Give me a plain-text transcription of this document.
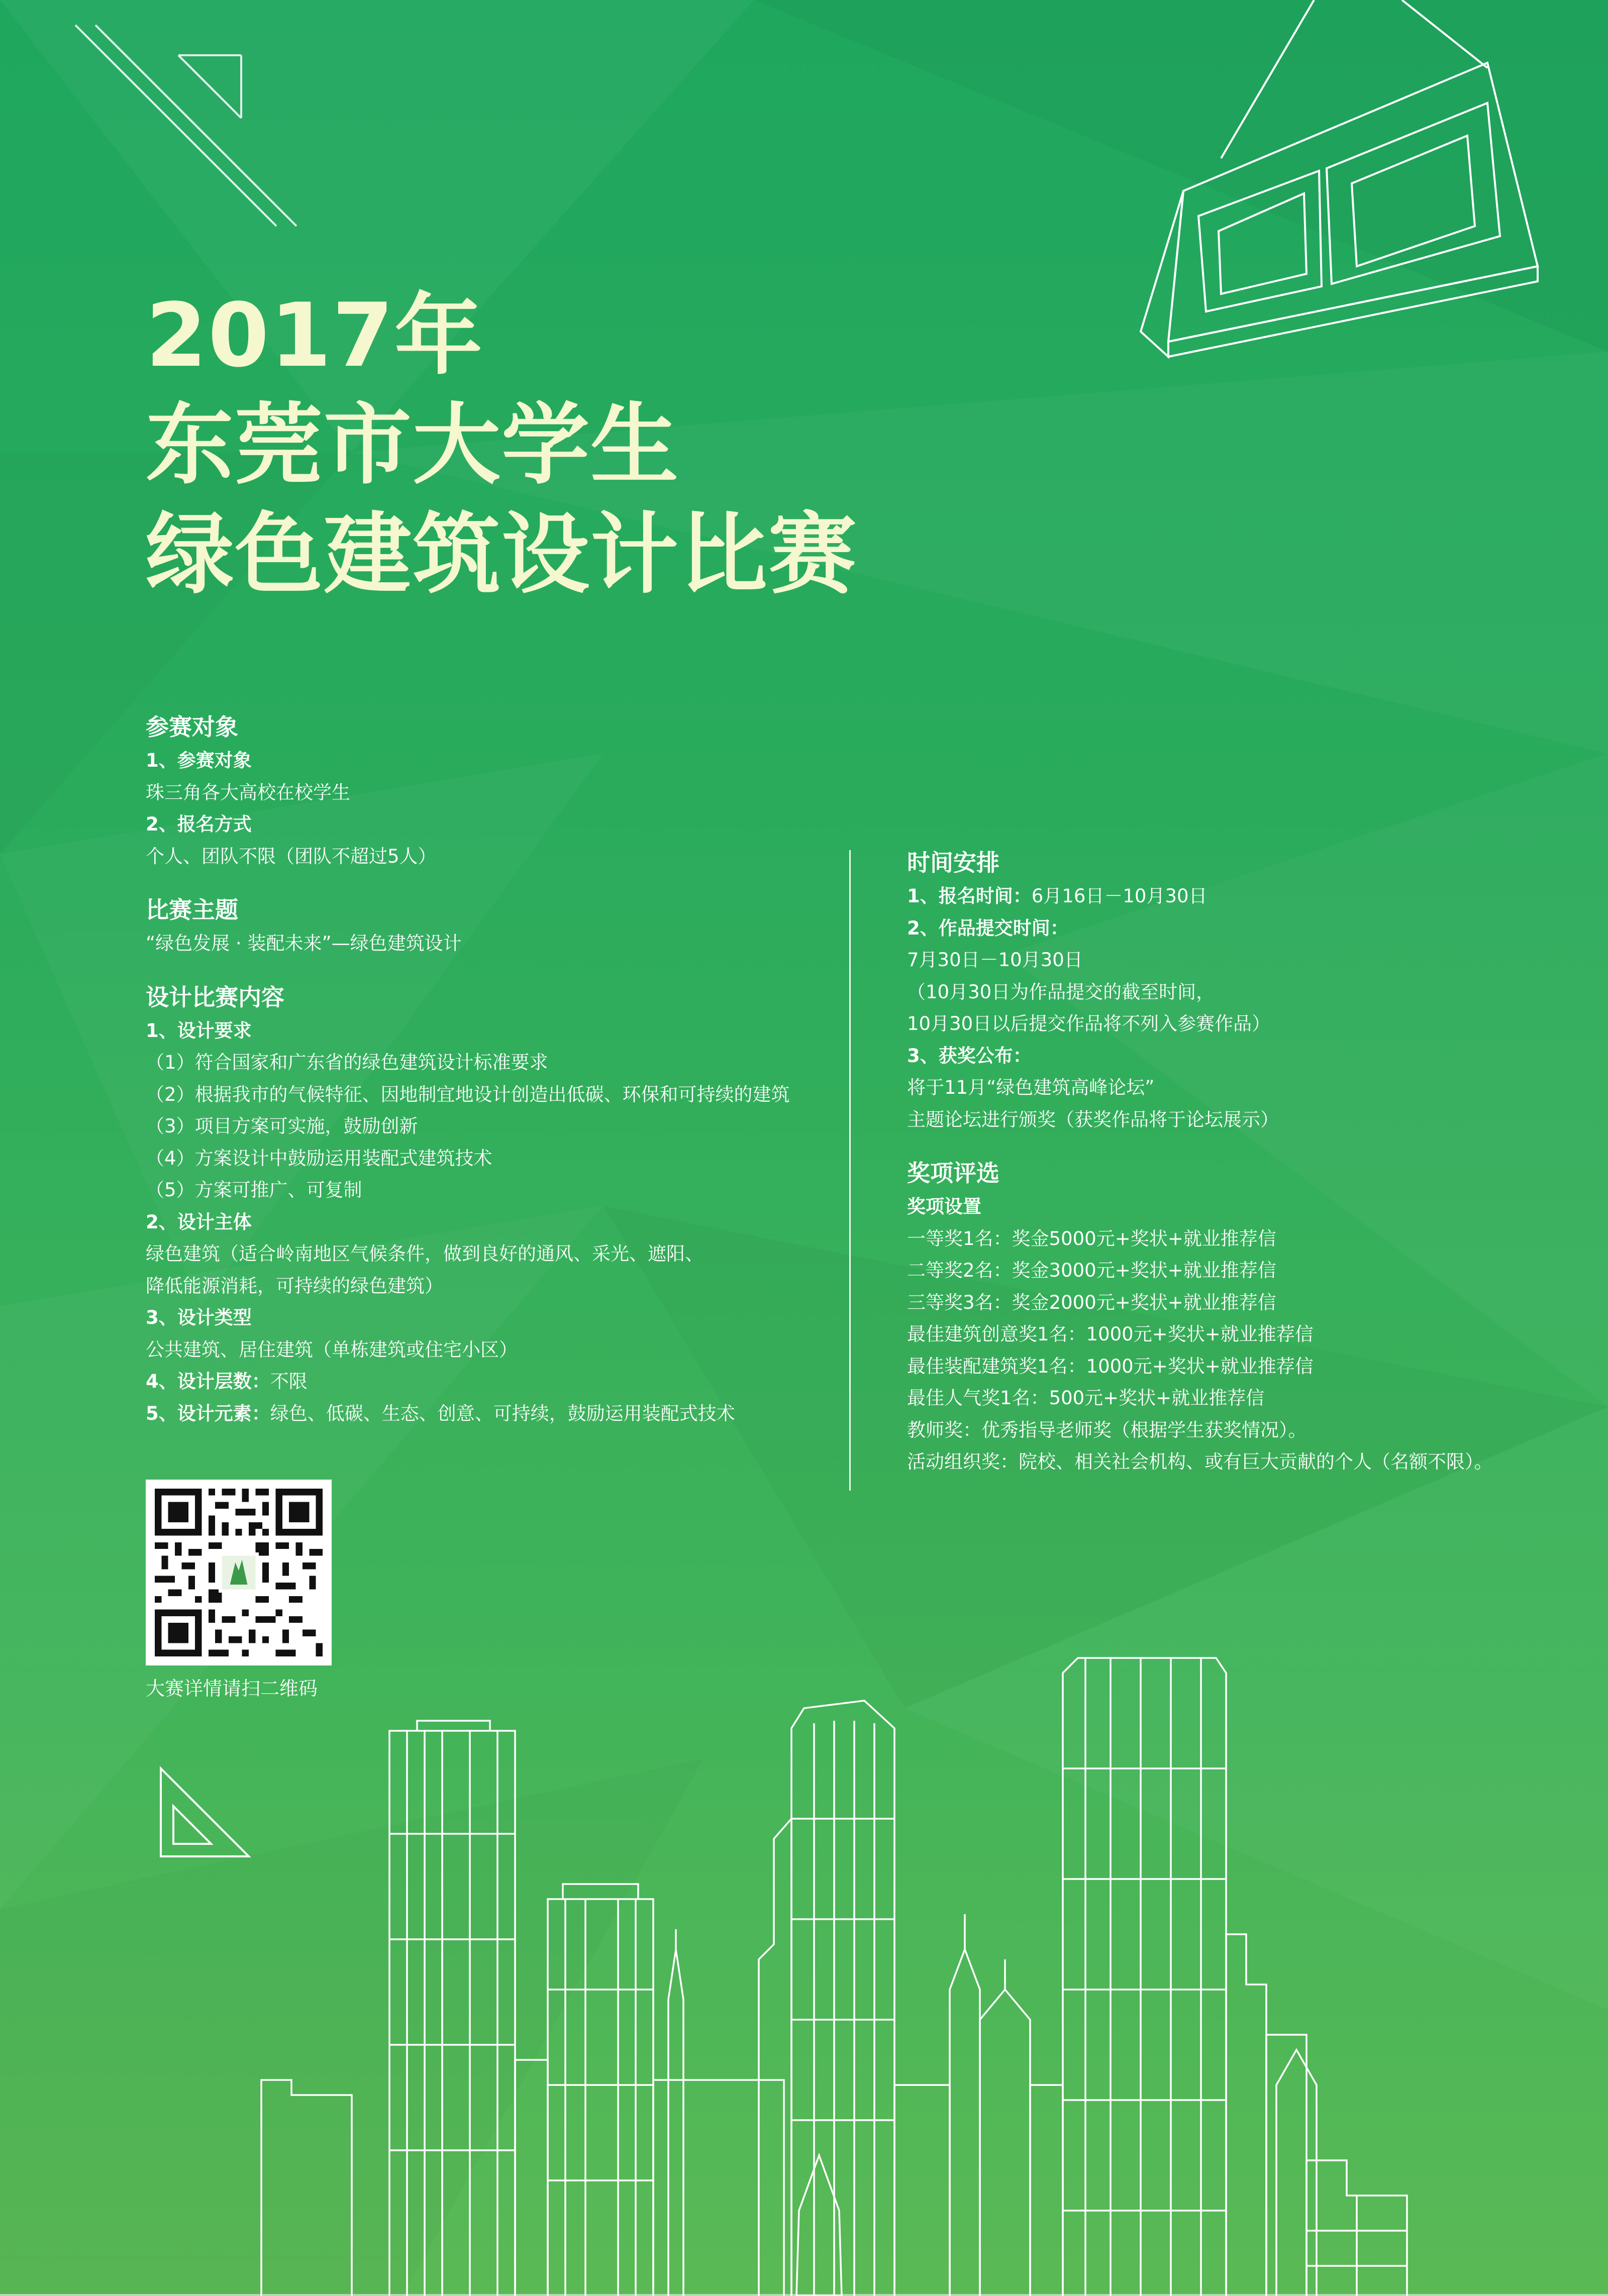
2017年
东莞市大学生
绿色建筑设计比赛
参赛对象
1、参赛对象
珠三角各大高校在校学生
2、报名方式
个人、团队不限（团队不超过5人）
比赛主题
“绿色发展 · 装配未来”—绿色建筑设计
设计比赛内容
1、设计要求
（1）符合国家和广东省的绿色建筑设计标准要求
（2）根据我市的气候特征、因地制宜地设计创造出低碳、环保和可持续的建筑
（3）项目方案可实施，鼓励创新
（4）方案设计中鼓励运用装配式建筑技术
（5）方案可推广、可复制
2、设计主体
绿色建筑（适合岭南地区气候条件，做到良好的通风、采光、遮阳、
降低能源消耗，可持续的绿色建筑）
3、设计类型
公共建筑、居住建筑（单栋建筑或住宅小区）
4、设计层数：不限
5、设计元素：绿色、低碳、生态、创意、可持续，鼓励运用装配式技术
时间安排
1、报名时间：6月16日－10月30日
2、作品提交时间：
7月30日－10月30日
（10月30日为作品提交的截至时间，
10月30日以后提交作品将不列入参赛作品）
3、获奖公布：
将于11月“绿色建筑高峰论坛”
主题论坛进行颁奖（获奖作品将于论坛展示）
奖项评选
奖项设置
一等奖1名：奖金5000元+奖状+就业推荐信
二等奖2名：奖金3000元+奖状+就业推荐信
三等奖3名：奖金2000元+奖状+就业推荐信
最佳建筑创意奖1名：1000元+奖状+就业推荐信
最佳装配建筑奖1名：1000元+奖状+就业推荐信
最佳人气奖1名：500元+奖状+就业推荐信
教师奖：优秀指导老师奖（根据学生获奖情况）。
活动组织奖：院校、相关社会机构、或有巨大贡献的个人（名额不限）。
大赛详情请扫二维码
